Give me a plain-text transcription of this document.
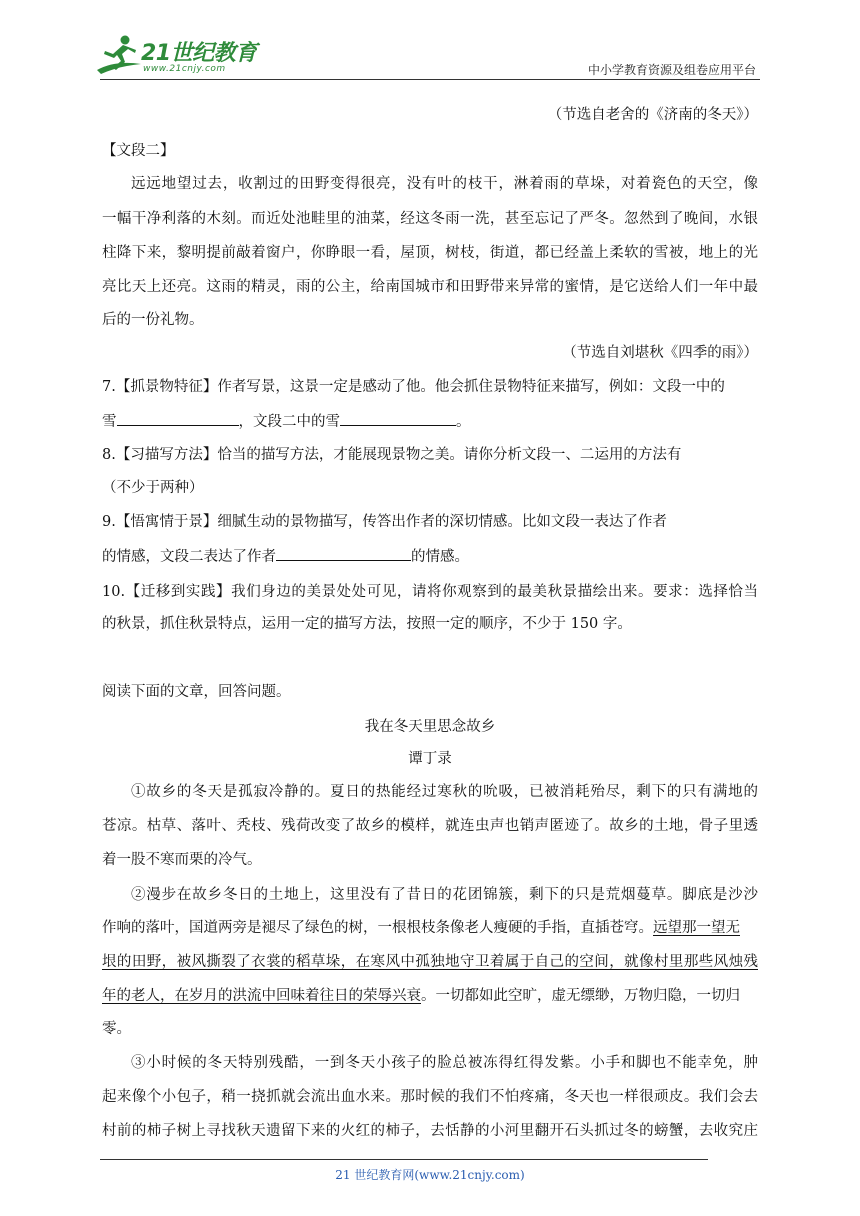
21世纪教育
www.21cnjy.com	中小学教育资源及组卷应用平台
（节选自老舍的《济南的冬天》）
【文段二】
远远地望过去，收割过的田野变得很亮，没有叶的枝干，淋着雨的草垛，对着瓷色的天空，像
一幅干净利落的木刻。而近处池畦里的油菜，经这冬雨一洗，甚至忘记了严冬。忽然到了晚间，水银
柱降下来，黎明提前敲着窗户，你睁眼一看，屋顶，树枝，街道，都已经盖上柔软的雪被，地上的光
亮比天上还亮。这雨的精灵，雨的公主，给南国城市和田野带来异常的蜜情，是它送给人们一年中最
后的一份礼物。
（节选自刘堪秋《四季的雨》）
7.【抓景物特征】作者写景，这景一定是感动了他。他会抓住景物特征来描写，例如：文段一中的
雪	，文段二中的雪	。
8.【习描写方法】恰当的描写方法，才能展现景物之美。请你分析文段一、二运用的方法有
（不少于两种）
9.【悟寓情于景】细腻生动的景物描写，传答出作者的深切情感。比如文段一表达了作者
的情感，文段二表达了作者	的情感。
10.【迁移到实践】我们身边的美景处处可见，请将你观察到的最美秋景描绘出来。要求：选择恰当
的秋景，抓住秋景特点，运用一定的描写方法，按照一定的顺序，不少于 150 字。
阅读下面的文章，回答问题。
我在冬天里思念故乡
谭丁录
①故乡的冬天是孤寂冷静的。夏日的热能经过寒秋的吮吸，已被消耗殆尽，剩下的只有满地的
苍凉。枯草、落叶、秃枝、残荷改变了故乡的模样，就连虫声也销声匿迹了。故乡的土地，骨子里透
着一股不寒而栗的冷气。
②漫步在故乡冬日的土地上，这里没有了昔日的花团锦簇，剩下的只是荒烟蔓草。脚底是沙沙
作响的落叶，国道两旁是褪尽了绿色的树，一根根枝条像老人瘦硬的手指，直插苍穹。远望那一望无
垠的田野，被风撕裂了衣裳的稻草垛，在寒风中孤独地守卫着属于自己的空间，就像村里那些风烛残
年的老人，在岁月的洪流中回味着往日的荣辱兴衰。一切都如此空旷，虚无缥缈，万物归隐，一切归
零。
③小时候的冬天特别残酷，一到冬天小孩子的脸总被冻得红得发紫。小手和脚也不能幸免，肿
起来像个小包子，稍一挠抓就会流出血水来。那时候的我们不怕疼痛，冬天也一样很顽皮。我们会去
村前的柿子树上寻找秋天遗留下来的火红的柿子，去恬静的小河里翻开石头抓过冬的螃蟹，去收究庄
21 世纪教育网(www.21cnjy.com)
